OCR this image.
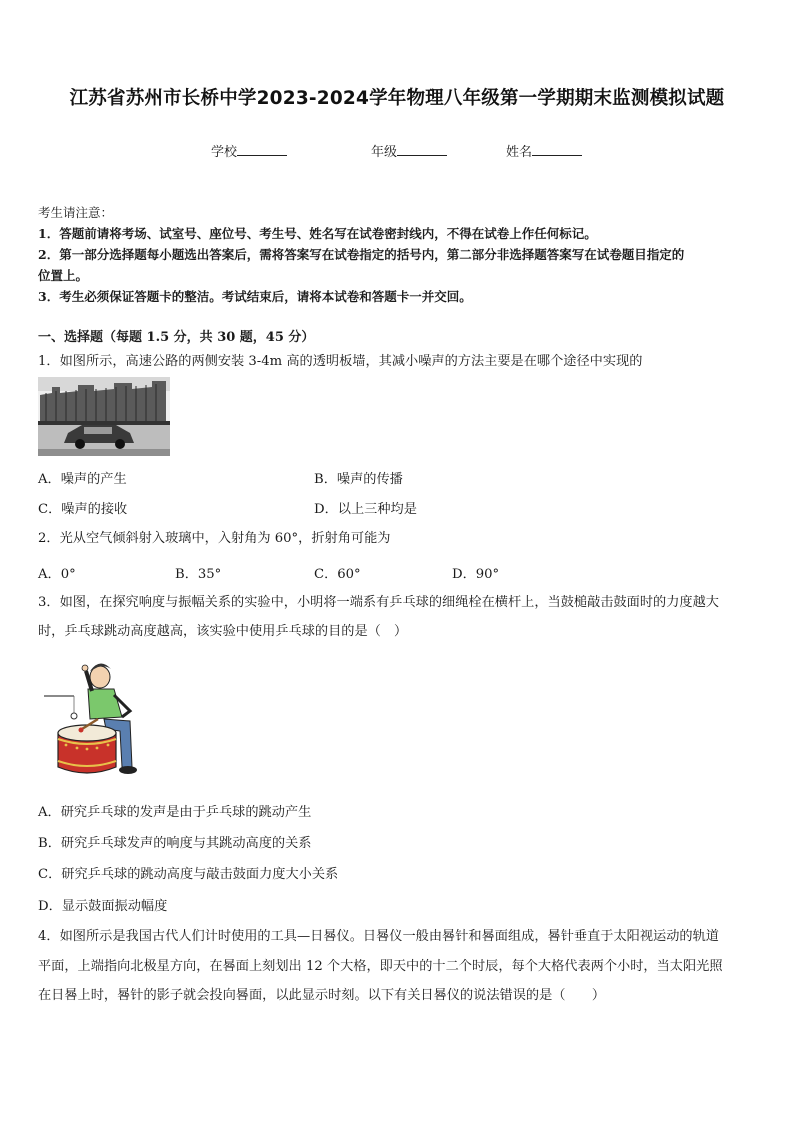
江苏省苏州市长桥中学2023-2024学年物理八年级第一学期期末监测模拟试题
学校	年级	姓名
考生请注意：
1．答题前请将考场、试室号、座位号、考生号、姓名写在试卷密封线内，不得在试卷上作任何标记。
2．第一部分选择题每小题选出答案后，需将答案写在试卷指定的括号内，第二部分非选择题答案写在试卷题目指定的
位置上。
3．考生必须保证答题卡的整洁。考试结束后，请将本试卷和答题卡一并交回。
一、选择题（每题 1.5 分，共 30 题，45 分）
1．如图所示，高速公路的两侧安装 3-4m 高的透明板墙，其减小噪声的方法主要是在哪个途径中实现的
A．噪声的产生	B．噪声的传播
C．噪声的接收	D．以上三种均是
2．光从空气倾斜射入玻璃中，入射角为 60°，折射角可能为
A．0°	B．35°	C．60°	D．90°
3．如图，在探究响度与振幅关系的实验中，小明将一端系有乒乓球的细绳栓在横杆上，当鼓槌敲击鼓面时的力度越大
时，乒乓球跳动高度越高，该实验中使用乒乓球的目的是（　）
A．研究乒乓球的发声是由于乒乓球的跳动产生
B．研究乒乓球发声的响度与其跳动高度的关系
C．研究乒乓球的跳动高度与敲击鼓面力度大小关系
D．显示鼓面振动幅度
4．如图所示是我国古代人们计时使用的工具—日晷仪。日晷仪一般由晷针和晷面组成，晷针垂直于太阳视运动的轨道
平面，上端指向北极星方向，在晷面上刻划出 12 个大格，即天中的十二个时辰，每个大格代表两个小时，当太阳光照
在日晷上时，晷针的影子就会投向晷面，以此显示时刻。以下有关日晷仪的说法错误的是（　　）
